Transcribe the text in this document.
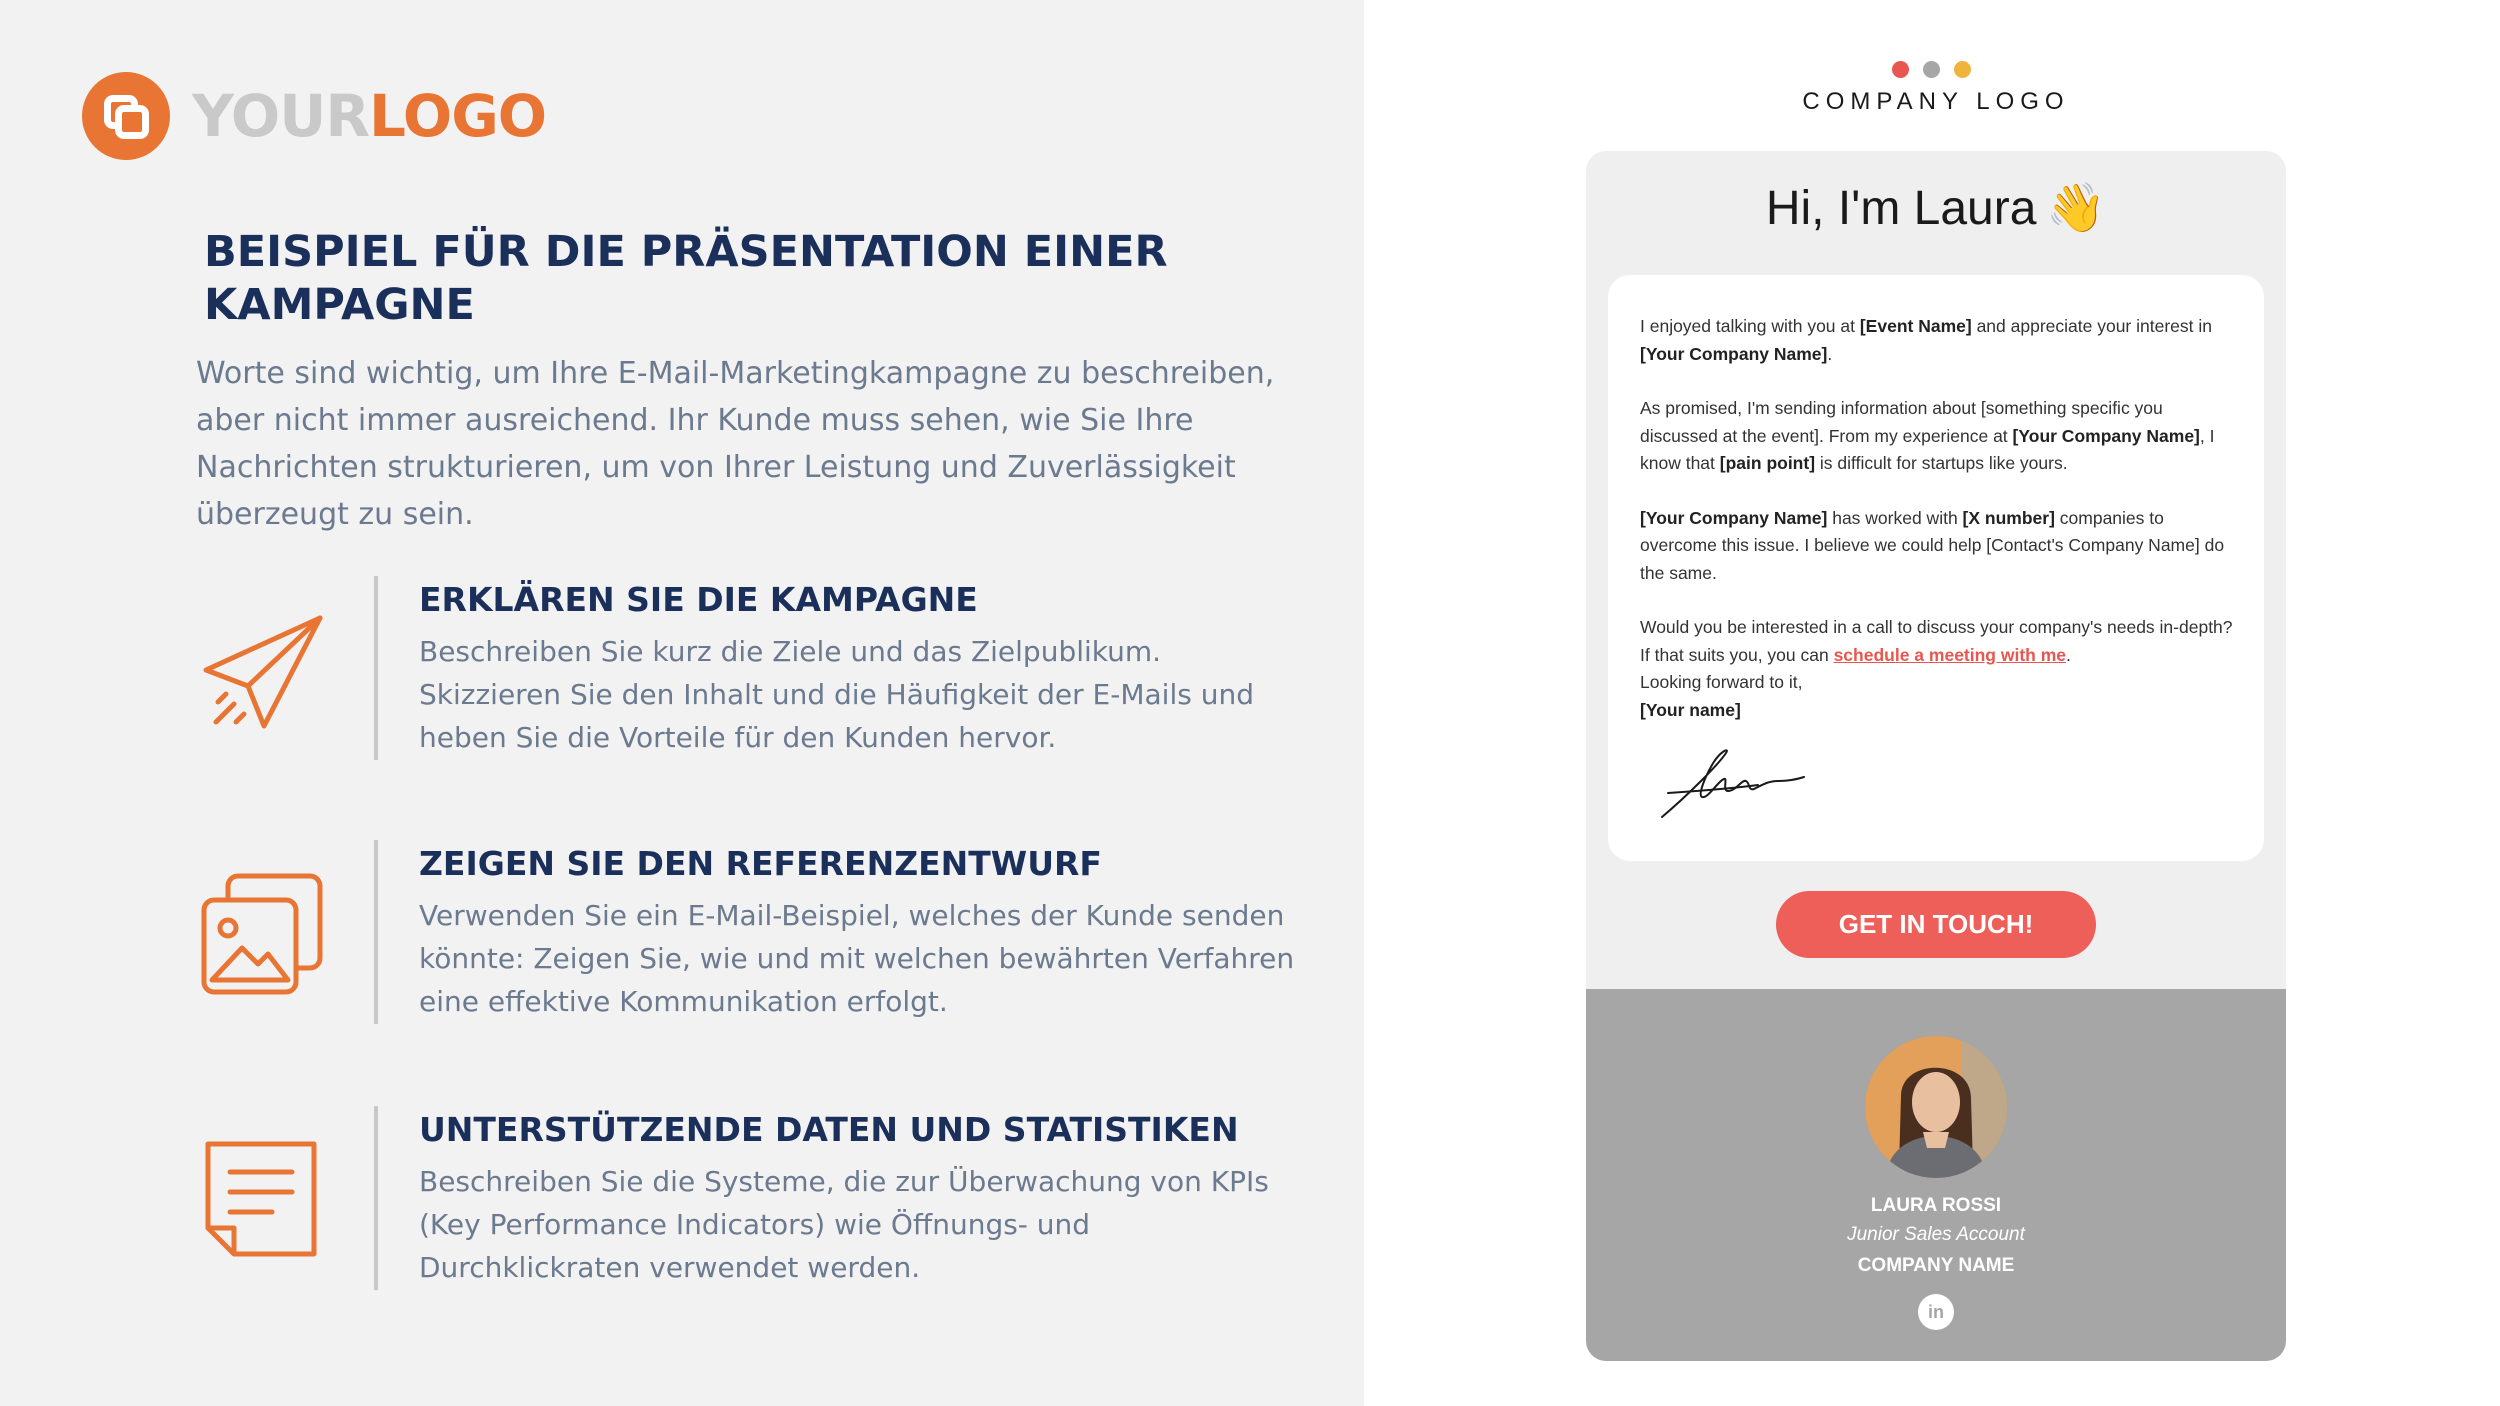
YOURLOGO
BEISPIEL FÜR DIE PRÄSENTATION EINER KAMPAGNE
Worte sind wichtig, um Ihre E-Mail-Marketingkampagne zu beschreiben, aber nicht immer ausreichend. Ihr Kunde muss sehen, wie Sie Ihre Nachrichten strukturieren, um von Ihrer Leistung und Zuverlässigkeit überzeugt zu sein.
ERKLÄREN SIE DIE KAMPAGNE
Beschreiben Sie kurz die Ziele und das Zielpublikum. Skizzieren Sie den Inhalt und die Häufigkeit der E-Mails und heben Sie die Vorteile für den Kunden hervor.
ZEIGEN SIE DEN REFERENZENTWURF
Verwenden Sie ein E-Mail-Beispiel, welches der Kunde senden könnte: Zeigen Sie, wie und mit welchen bewährten Verfahren eine effektive Kommunikation erfolgt.
UNTERSTÜTZENDE DATEN UND STATISTIKEN
Beschreiben Sie die Systeme, die zur Überwachung von KPIs (Key Performance Indicators) wie Öffnungs- und Durchklickraten verwendet werden.
COMPANY LOGO
Hi, I'm Laura 👋

I enjoyed talking with you at [Event Name] and appreciate your interest in [Your Company Name].

As promised, I'm sending information about [something specific you discussed at the event]. From my experience at [Your Company Name], I know that [pain point] is difficult for startups like yours.

[Your Company Name] has worked with [X number] companies to overcome this issue. I believe we could help [Contact's Company Name] do the same.

Would you be interested in a call to discuss your company's needs in-depth? If that suits you, you can schedule a meeting with me.
Looking forward to it,
[Your name]
GET IN TOUCH!
LAURA ROSSI
Junior Sales Account
COMPANY NAME
in
